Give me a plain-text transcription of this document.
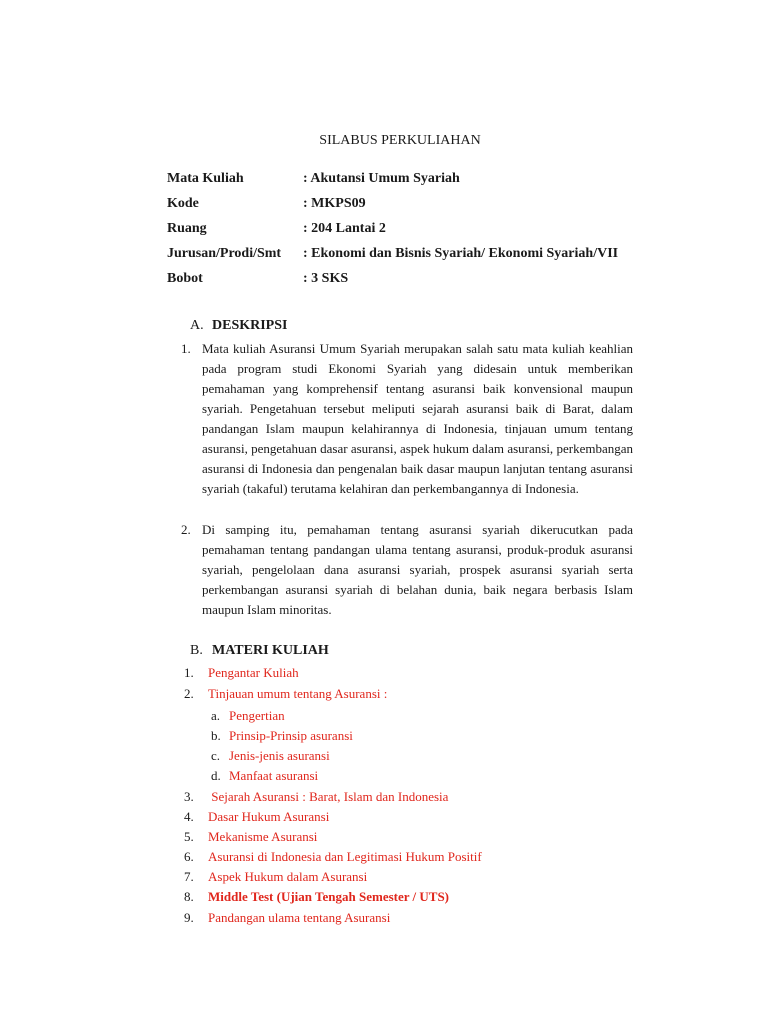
SILABUS PERKULIAHAN
Mata Kuliah	: Akutansi Umum Syariah
Kode	: MKPS09
Ruang	: 204 Lantai 2
Jurusan/Prodi/Smt	: Ekonomi dan Bisnis Syariah/ Ekonomi Syariah/VII
Bobot	: 3 SKS
A. DESKRIPSI
1. Mata kuliah Asuransi Umum Syariah merupakan salah satu mata kuliah keahlian pada program studi Ekonomi Syariah yang didesain untuk memberikan pemahaman yang komprehensif tentang asuransi baik konvensional maupun syariah. Pengetahuan tersebut meliputi sejarah asuransi baik di Barat, dalam pandangan Islam maupun kelahirannya di Indonesia, tinjauan umum tentang asuransi, pengetahuan dasar asuransi, aspek hukum dalam asuransi, perkembangan asuransi di Indonesia dan pengenalan baik dasar maupun lanjutan tentang asuransi syariah (takaful) terutama kelahiran dan perkembangannya di Indonesia.
2. Di samping itu, pemahaman tentang asuransi syariah dikerucutkan pada pemahaman tentang pandangan ulama tentang asuransi, produk-produk asuransi syariah, pengelolaan dana asuransi syariah, prospek asuransi syariah serta perkembangan asuransi syariah di belahan dunia, baik negara berbasis Islam maupun Islam minoritas.
B. MATERI KULIAH
1. Pengantar Kuliah
2. Tinjauan umum tentang Asuransi :
a. Pengertian
b. Prinsip-Prinsip asuransi
c. Jenis-jenis asuransi
d. Manfaat asuransi
3. Sejarah Asuransi : Barat, Islam dan Indonesia
4. Dasar Hukum Asuransi
5. Mekanisme Asuransi
6. Asuransi di Indonesia dan Legitimasi Hukum Positif
7. Aspek Hukum dalam Asuransi
8. Middle Test (Ujian Tengah Semester / UTS)
9. Pandangan ulama tentang Asuransi
